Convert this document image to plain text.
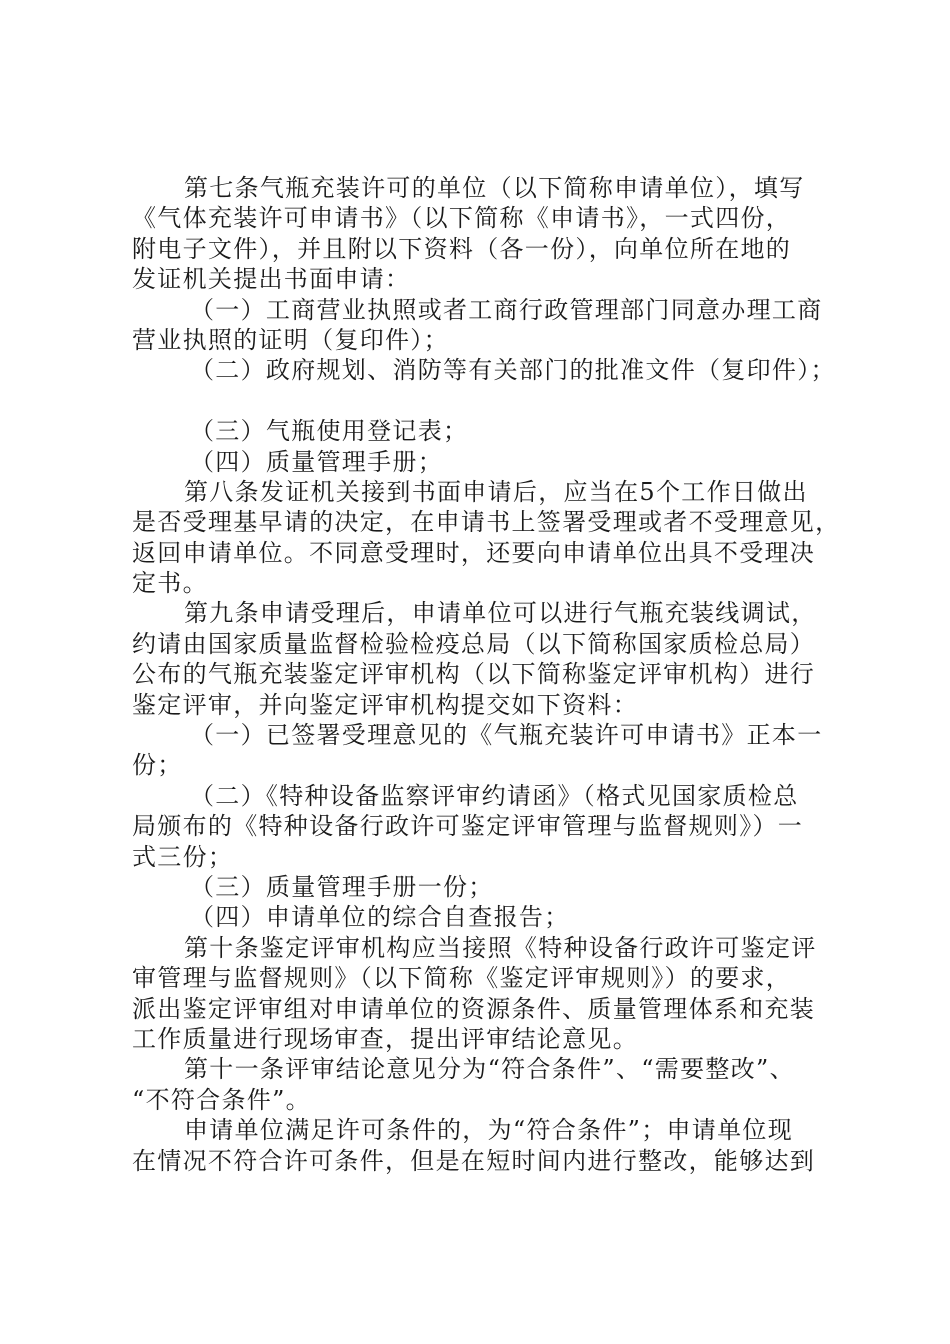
第七条气瓶充装许可的单位（以下简称申请单位），填写
《气体充装许可申请书》（以下简称《申请书》，一式四份，
附电子文件），并且附以下资料（各一份），向单位所在地的
发证机关提出书面申请：
（一）工商营业执照或者工商行政管理部门同意办理工商
营业执照的证明（复印件）；
（二）政府规划、消防等有关部门的批准文件（复印件）；
（三）气瓶使用登记表；
（四）质量管理手册；
第八条发证机关接到书面申请后，应当在5个工作日做出
是否受理基早请的决定，在申请书上签署受理或者不受理意见，
返回申请单位。不同意受理时，还要向申请单位出具不受理决
定书。
第九条申请受理后，申请单位可以进行气瓶充装线调试，
约请由国家质量监督检验检疫总局（以下简称国家质检总局）
公布的气瓶充装鉴定评审机构（以下简称鉴定评审机构）进行
鉴定评审，并向鉴定评审机构提交如下资料：
（一）已签署受理意见的《气瓶充装许可申请书》正本一
份；
（二）《特种设备监察评审约请函》（格式见国家质检总
局颁布的《特种设备行政许可鉴定评审管理与监督规则》）一
式三份；
（三）质量管理手册一份；
（四）申请单位的综合自查报告；
第十条鉴定评审机构应当接照《特种设备行政许可鉴定评
审管理与监督规则》（以下简称《鉴定评审规则》）的要求，
派出鉴定评审组对申请单位的资源条件、质量管理体系和充装
工作质量进行现场审查，提出评审结论意见。
第十一条评审结论意见分为“符合条件”、“需要整改”、
“不符合条件”。
申请单位满足许可条件的，为“符合条件”；申请单位现
在情况不符合许可条件，但是在短时间内进行整改，能够达到
